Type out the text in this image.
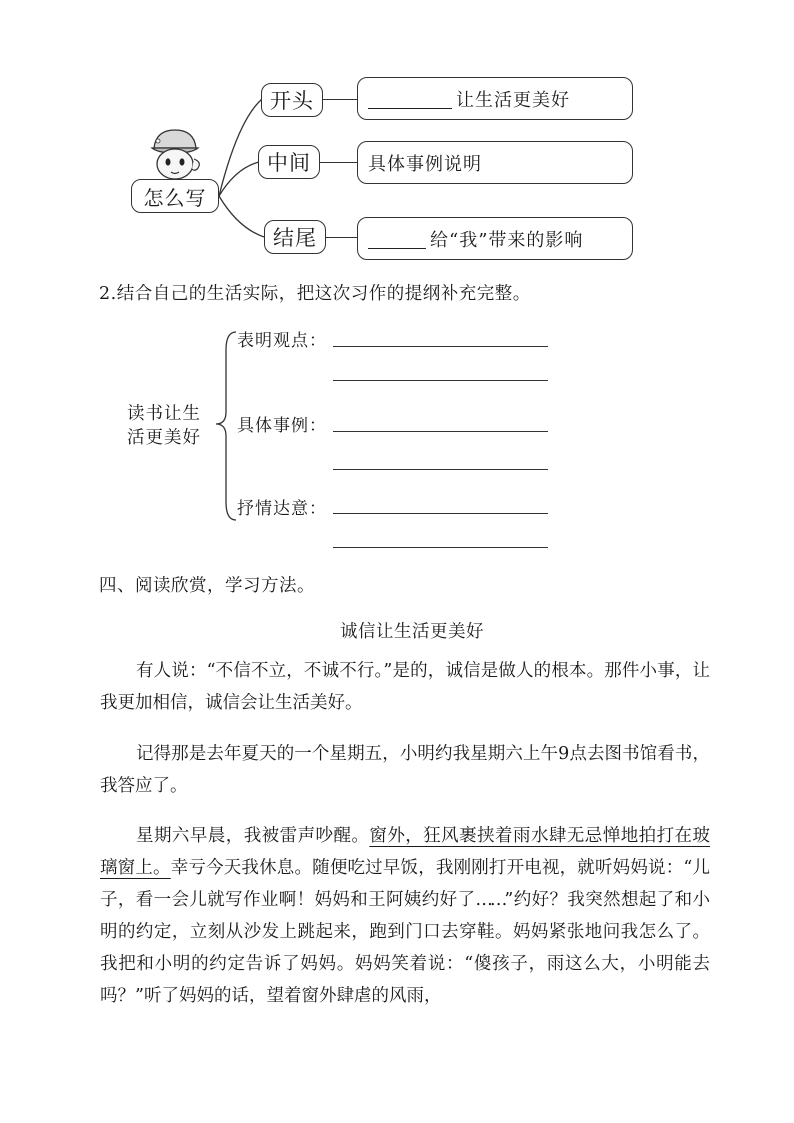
怎么写
开头	让生活更美好
中间	具体事例说明
结尾	给“我”带来的影响
2.结合自己的生活实际，把这次习作的提纲补充完整。
读书让生
活更美好
表明观点：
具体事例：
抒情达意：
四、阅读欣赏，学习方法。
诚信让生活更美好
有人说：“不信不立，不诚不行。”是的，诚信是做人的根本。那件小事，让我更加相信，诚信会让生活美好。
记得那是去年夏天的一个星期五，小明约我星期六上午9点去图书馆看书，我答应了。
星期六早晨，我被雷声吵醒。窗外，狂风裹挟着雨水肆无忌惮地拍打在玻璃窗上。幸亏今天我休息。随便吃过早饭，我刚刚打开电视，就听妈妈说：“儿子，看一会儿就写作业啊！妈妈和王阿姨约好了……”约好？我突然想起了和小明的约定，立刻从沙发上跳起来，跑到门口去穿鞋。妈妈紧张地问我怎么了。我把和小明的约定告诉了妈妈。妈妈笑着说：“傻孩子，雨这么大，小明能去吗？”听了妈妈的话，望着窗外肆虐的风雨，
